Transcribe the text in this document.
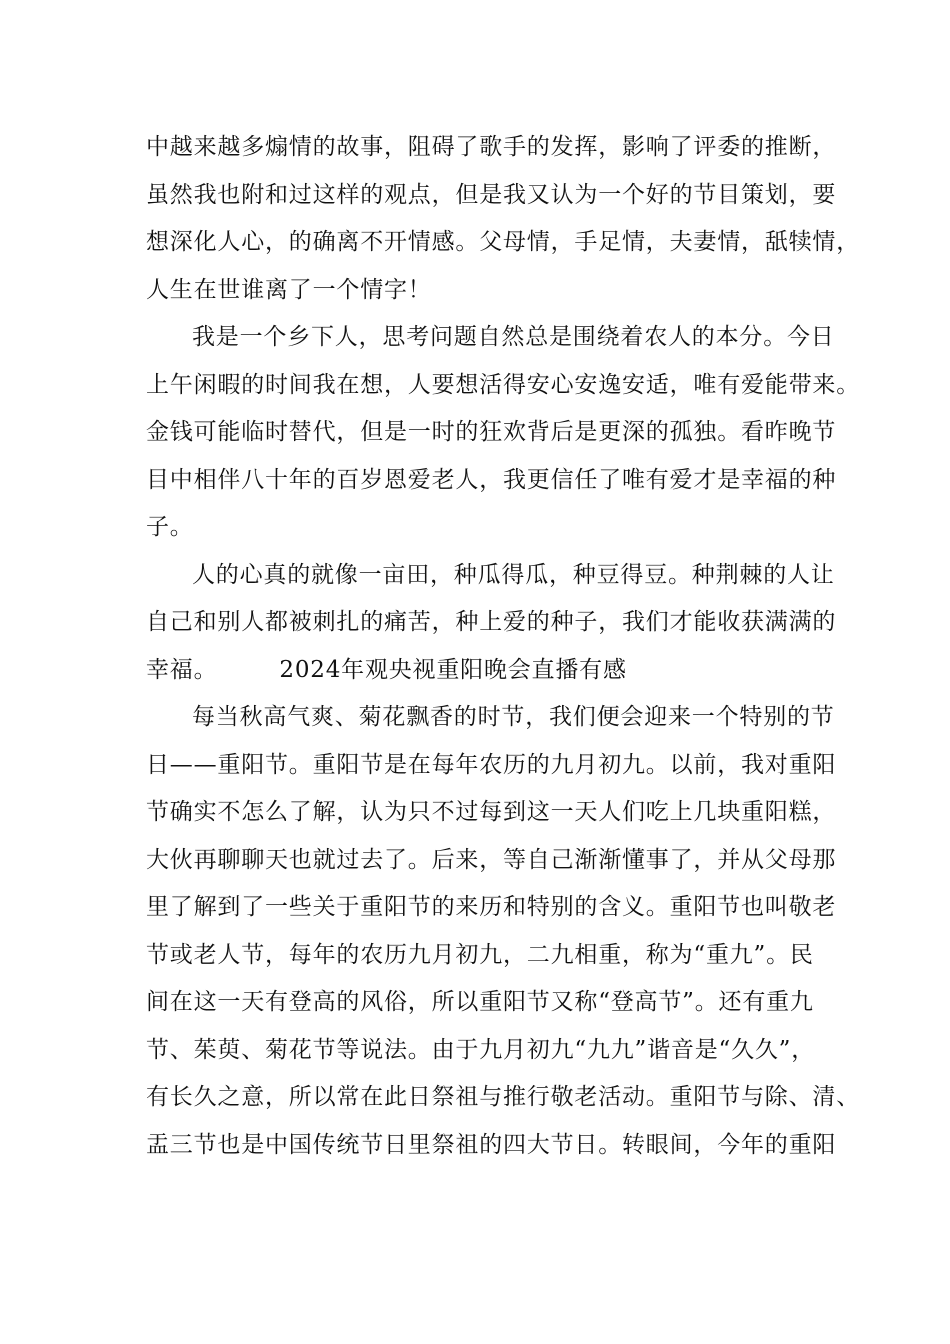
中越来越多煽情的故事，阻碍了歌手的发挥，影响了评委的推断，
虽然我也附和过这样的观点，但是我又认为一个好的节目策划，要
想深化人心，的确离不开情感。父母情，手足情，夫妻情，舐犊情，
人生在世谁离了一个情字！
我是一个乡下人，思考问题自然总是围绕着农人的本分。今日
上午闲暇的时间我在想，人要想活得安心安逸安适，唯有爱能带来。
金钱可能临时替代，但是一时的狂欢背后是更深的孤独。看昨晚节
目中相伴八十年的百岁恩爱老人，我更信任了唯有爱才是幸福的种
子。
人的心真的就像一亩田，种瓜得瓜，种豆得豆。种荆棘的人让
自己和别人都被刺扎的痛苦，种上爱的种子，我们才能收获满满的
幸福。	2024年观央视重阳晚会直播有感
每当秋高气爽、菊花飘香的时节，我们便会迎来一个特别的节
日——重阳节。重阳节是在每年农历的九月初九。以前，我对重阳
节确实不怎么了解，认为只不过每到这一天人们吃上几块重阳糕，
大伙再聊聊天也就过去了。后来，等自己渐渐懂事了，并从父母那
里了解到了一些关于重阳节的来历和特别的含义。重阳节也叫敬老
节或老人节，每年的农历九月初九，二九相重，称为“重九”。民
间在这一天有登高的风俗，所以重阳节又称“登高节”。还有重九
节、茱萸、菊花节等说法。由于九月初九“九九”谐音是“久久”，
有长久之意，所以常在此日祭祖与推行敬老活动。重阳节与除、清、
盂三节也是中国传统节日里祭祖的四大节日。转眼间，今年的重阳
